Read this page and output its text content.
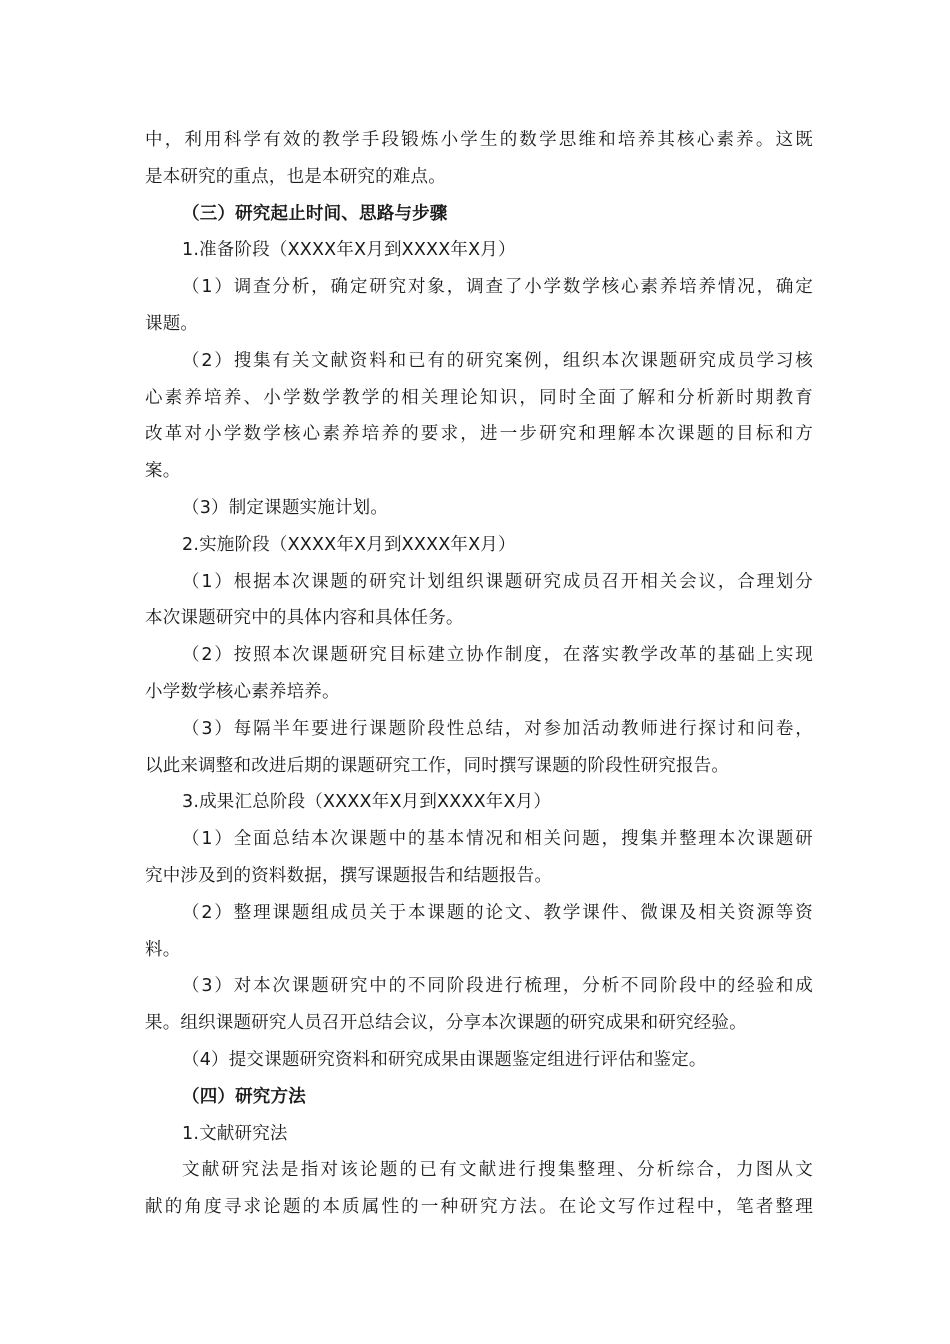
中，利用科学有效的教学手段锻炼小学生的数学思维和培养其核心素养。这既
是本研究的重点，也是本研究的难点。
（三）研究起止时间、思路与步骤
1.准备阶段（XXXX年X月到XXXX年X月）
（1）调查分析，确定研究对象，调查了小学数学核心素养培养情况，确定
课题。
（2）搜集有关文献资料和已有的研究案例，组织本次课题研究成员学习核
心素养培养、小学数学教学的相关理论知识，同时全面了解和分析新时期教育
改革对小学数学核心素养培养的要求，进一步研究和理解本次课题的目标和方
案。
（3）制定课题实施计划。
2.实施阶段（XXXX年X月到XXXX年X月）
（1）根据本次课题的研究计划组织课题研究成员召开相关会议，合理划分
本次课题研究中的具体内容和具体任务。
（2）按照本次课题研究目标建立协作制度，在落实教学改革的基础上实现
小学数学核心素养培养。
（3）每隔半年要进行课题阶段性总结，对参加活动教师进行探讨和问卷，
以此来调整和改进后期的课题研究工作，同时撰写课题的阶段性研究报告。
3.成果汇总阶段（XXXX年X月到XXXX年X月）
（1）全面总结本次课题中的基本情况和相关问题，搜集并整理本次课题研
究中涉及到的资料数据，撰写课题报告和结题报告。
（2）整理课题组成员关于本课题的论文、教学课件、微课及相关资源等资
料。
（3）对本次课题研究中的不同阶段进行梳理，分析不同阶段中的经验和成
果。组织课题研究人员召开总结会议，分享本次课题的研究成果和研究经验。
（4）提交课题研究资料和研究成果由课题鉴定组进行评估和鉴定。
（四）研究方法
1.文献研究法
文献研究法是指对该论题的已有文献进行搜集整理、分析综合，力图从文
献的角度寻求论题的本质属性的一种研究方法。在论文写作过程中，笔者整理
